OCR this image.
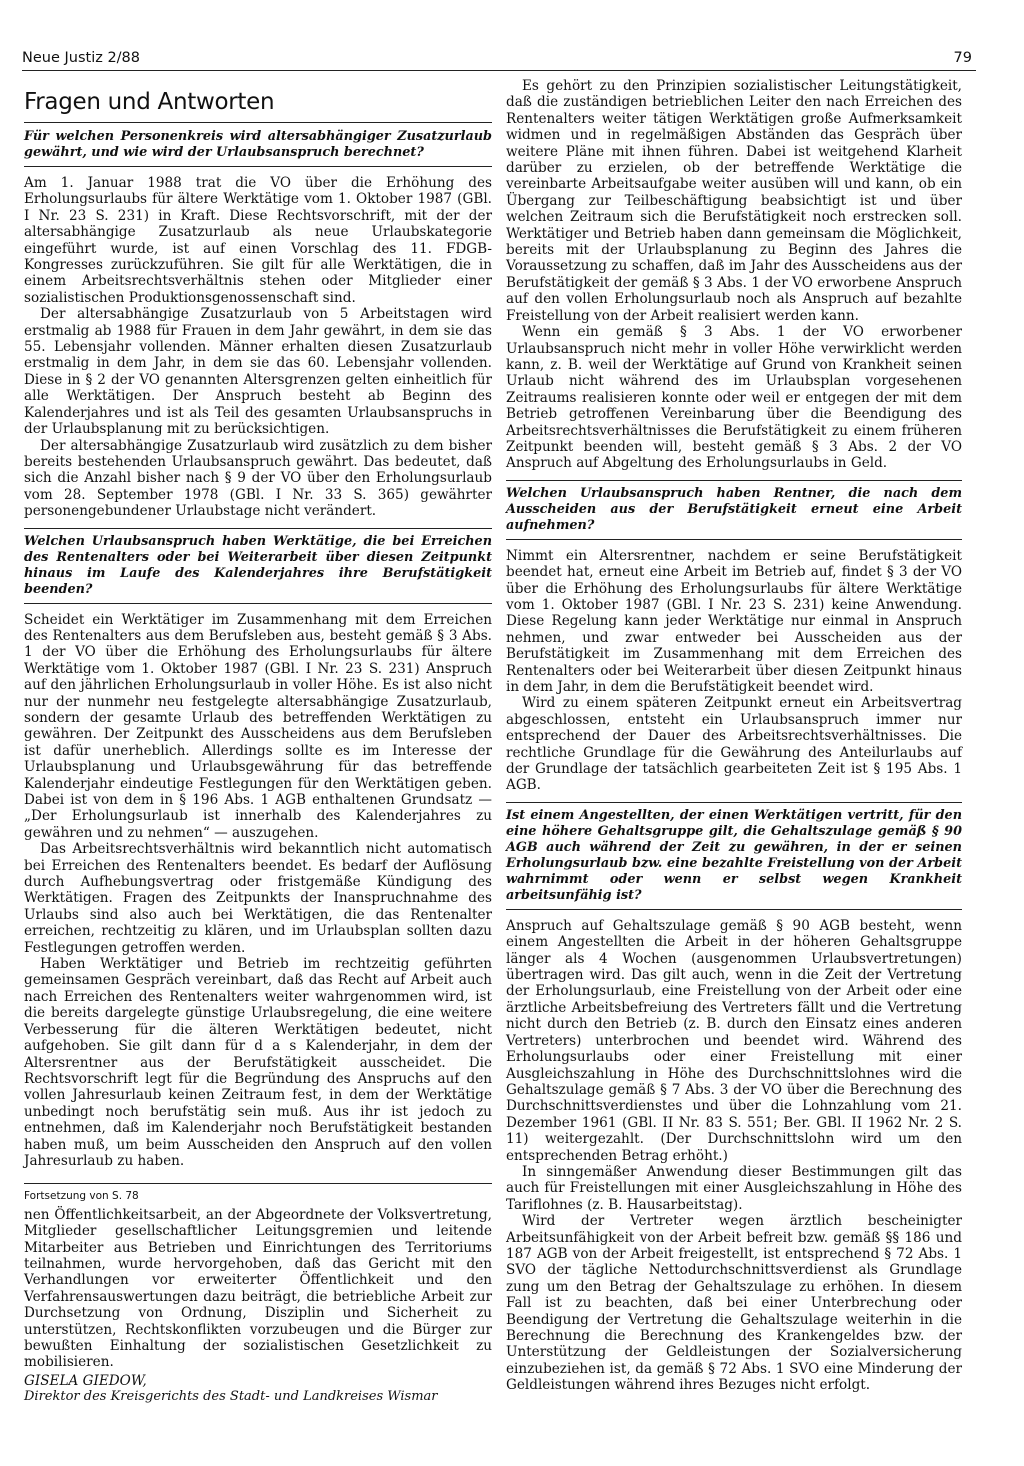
Neue Justiz 2/88	79
Fragen und Antworten
Für welchen Personenkreis wird altersabhängiger Zusatzurlaub gewährt, und wie wird der Urlaubsanspruch berechnet?

Am 1. Januar 1988 trat die VO über die Erhöhung des Erholungsurlaubs für ältere Werktätige vom 1. Oktober 1987 (GBl. I Nr. 23 S. 231) in Kraft. Diese Rechtsvorschrift, mit der der altersabhängige Zusatzurlaub als neue Urlaubskategorie eingeführt wurde, ist auf einen Vorschlag des 11. FDGB-Kongresses zurückzuführen. Sie gilt für alle Werktätigen, die in einem Arbeitsrechtsverhältnis stehen oder Mitglieder einer sozialistischen Produktionsgenossenschaft sind.

Der altersabhängige Zusatzurlaub von 5 Arbeitstagen wird erstmalig ab 1988 für Frauen in dem Jahr gewährt, in dem sie das 55. Lebensjahr vollenden. Männer erhalten diesen Zusatzurlaub erstmalig in dem Jahr, in dem sie das 60. Lebensjahr vollenden. Diese in § 2 der VO genannten Altersgrenzen gelten einheitlich für alle Werktätigen. Der Anspruch besteht ab Beginn des Kalenderjahres und ist als Teil des gesamten Urlaubsanspruchs in der Urlaubsplanung mit zu berücksichtigen.

Der altersabhängige Zusatzurlaub wird zusätzlich zu dem bisher bereits bestehenden Urlaubsanspruch gewährt. Das bedeutet, daß sich die Anzahl bisher nach § 9 der VO über den Erholungsurlaub vom 28. September 1978 (GBl. I Nr. 33 S. 365) gewährter personengebundener Urlaubstage nicht verändert.

Welchen Urlaubsanspruch haben Werktätige, die bei Erreichen des Rentenalters oder bei Weiterarbeit über diesen Zeitpunkt hinaus im Laufe des Kalenderjahres ihre Berufstätigkeit beenden?

Scheidet ein Werktätiger im Zusammenhang mit dem Erreichen des Rentenalters aus dem Berufsleben aus, besteht gemäß § 3 Abs. 1 der VO über die Erhöhung des Erholungsurlaubs für ältere Werktätige vom 1. Oktober 1987 (GBl. I Nr. 23 S. 231) Anspruch auf den jährlichen Erholungsurlaub in voller Höhe. Es ist also nicht nur der nunmehr neu festgelegte altersabhängige Zusatzurlaub, sondern der gesamte Urlaub des betreffenden Werktätigen zu gewähren. Der Zeitpunkt des Ausscheidens aus dem Berufsleben ist dafür unerheblich. Allerdings sollte es im Interesse der Urlaubsplanung und Urlaubsgewährung für das betreffende Kalenderjahr eindeutige Festlegungen für den Werktätigen geben. Dabei ist von dem in § 196 Abs. 1 AGB enthaltenen Grundsatz — „Der Erholungsurlaub ist innerhalb des Kalenderjahres zu gewähren und zu nehmen“ — auszugehen.

Das Arbeitsrechtsverhältnis wird bekanntlich nicht automatisch bei Erreichen des Rentenalters beendet. Es bedarf der Auflösung durch Aufhebungsvertrag oder fristgemäße Kündigung des Werktätigen. Fragen des Zeitpunkts der Inanspruchnahme des Urlaubs sind also auch bei Werktätigen, die das Rentenalter erreichen, rechtzeitig zu klären, und im Urlaubsplan sollten dazu Festlegungen getroffen werden.

Haben Werktätiger und Betrieb im rechtzeitig geführten gemeinsamen Gespräch vereinbart, daß das Recht auf Arbeit auch nach Erreichen des Rentenalters weiter wahrgenommen wird, ist die bereits dargelegte günstige Urlaubsregelung, die eine weitere Verbesserung für die älteren Werktätigen bedeutet, nicht aufgehoben. Sie gilt dann für d a s Kalenderjahr, in dem der Altersrentner aus der Berufstätigkeit ausscheidet. Die Rechtsvorschrift legt für die Begründung des Anspruchs auf den vollen Jahresurlaub keinen Zeitraum fest, in dem der Werktätige unbedingt noch berufstätig sein muß. Aus ihr ist jedoch zu entnehmen, daß im Kalenderjahr noch Berufstätigkeit bestanden haben muß, um beim Ausscheiden den Anspruch auf den vollen Jahresurlaub zu haben.

Fortsetzung von S. 78

nen Öffentlichkeitsarbeit, an der Abgeordnete der Volksvertretung, Mitglieder gesellschaftlicher Leitungsgremien und leitende Mitarbeiter aus Betrieben und Einrichtungen des Territoriums teilnahmen, wurde hervorgehoben, daß das Gericht mit den Verhandlungen vor erweiterter Öffentlichkeit und den Verfahrensauswertungen dazu beiträgt, die betriebliche Arbeit zur Durchsetzung von Ordnung, Disziplin und Sicherheit zu unterstützen, Rechtskonflikten vorzubeugen und die Bürger zur bewußten Einhaltung der sozialistischen Gesetzlichkeit zu mobilisieren.

GISELA GIEDOW,

Direktor des Kreisgerichts des Stadt- und Landkreises Wismar

Es gehört zu den Prinzipien sozialistischer Leitungstätigkeit, daß die zuständigen betrieblichen Leiter den nach Erreichen des Rentenalters weiter tätigen Werktätigen große Aufmerksamkeit widmen und in regelmäßigen Abständen das Gespräch über weitere Pläne mit ihnen führen. Dabei ist weitgehend Klarheit darüber zu erzielen, ob der betreffende Werktätige die vereinbarte Arbeitsaufgabe weiter ausüben will und kann, ob ein Übergang zur Teilbeschäftigung beabsichtigt ist und über welchen Zeitraum sich die Berufstätigkeit noch erstrecken soll. Werktätiger und Betrieb haben dann gemeinsam die Möglichkeit, bereits mit der Urlaubsplanung zu Beginn des Jahres die Voraussetzung zu schaffen, daß im Jahr des Ausscheidens aus der Berufstätigkeit der gemäß § 3 Abs. 1 der VO erworbene Anspruch auf den vollen Erholungsurlaub noch als Anspruch auf bezahlte Freistellung von der Arbeit realisiert werden kann.

Wenn ein gemäß § 3 Abs. 1 der VO erworbener Urlaubsanspruch nicht mehr in voller Höhe verwirklicht werden kann, z. B. weil der Werktätige auf Grund von Krankheit seinen Urlaub nicht während des im Urlaubsplan vorgesehenen Zeitraums realisieren konnte oder weil er entgegen der mit dem Betrieb getroffenen Vereinbarung über die Beendigung des Arbeitsrechtsverhältnisses die Berufstätigkeit zu einem früheren Zeitpunkt beenden will, besteht gemäß § 3 Abs. 2 der VO Anspruch auf Abgeltung des Erholungsurlaubs in Geld.

Welchen Urlaubsanspruch haben Rentner, die nach dem Ausscheiden aus der Berufstätigkeit erneut eine Arbeit aufnehmen?

Nimmt ein Altersrentner, nachdem er seine Berufstätigkeit beendet hat, erneut eine Arbeit im Betrieb auf, findet § 3 der VO über die Erhöhung des Erholungsurlaubs für ältere Werktätige vom 1. Oktober 1987 (GBl. I Nr. 23 S. 231) keine Anwendung. Diese Regelung kann jeder Werktätige nur einmal in Anspruch nehmen, und zwar entweder bei Ausscheiden aus der Berufstätigkeit im Zusammenhang mit dem Erreichen des Rentenalters oder bei Weiterarbeit über diesen Zeitpunkt hinaus in dem Jahr, in dem die Berufstätigkeit beendet wird.

Wird zu einem späteren Zeitpunkt erneut ein Arbeitsvertrag abgeschlossen, entsteht ein Urlaubsanspruch immer nur entsprechend der Dauer des Arbeitsrechtsverhältnisses. Die rechtliche Grundlage für die Gewährung des Anteilurlaubs auf der Grundlage der tatsächlich gearbeiteten Zeit ist § 195 Abs. 1 AGB.

Ist einem Angestellten, der einen Werktätigen vertritt, für den eine höhere Gehaltsgruppe gilt, die Gehaltszulage gemäß § 90 AGB auch während der Zeit zu gewähren, in der er seinen Erholungsurlaub bzw. eine bezahlte Freistellung von der Arbeit wahrnimmt oder wenn er selbst wegen Krankheit arbeitsunfähig ist?

Anspruch auf Gehaltszulage gemäß § 90 AGB besteht, wenn einem Angestellten die Arbeit in der höheren Gehaltsgruppe länger als 4 Wochen (ausgenommen Urlaubsvertretungen) übertragen wird. Das gilt auch, wenn in die Zeit der Vertretung der Erholungsurlaub, eine Freistellung von der Arbeit oder eine ärztliche Arbeitsbefreiung des Vertreters fällt und die Vertretung nicht durch den Betrieb (z. B. durch den Einsatz eines anderen Vertreters) unterbrochen und beendet wird. Während des Erholungsurlaubs oder einer Freistellung mit einer Ausgleichszahlung in Höhe des Durchschnittslohnes wird die Gehaltszulage gemäß § 7 Abs. 3 der VO über die Berechnung des Durchschnittsverdienstes und über die Lohnzahlung vom 21. Dezember 1961 (GBl. II Nr. 83 S. 551; Ber. GBl. II 1962 Nr. 2 S. 11) weitergezahlt. (Der Durchschnittslohn wird um den entsprechenden Betrag erhöht.)

In sinngemäßer Anwendung dieser Bestimmungen gilt das auch für Freistellungen mit einer Ausgleichszahlung in Höhe des Tariflohnes (z. B. Hausarbeitstag).

Wird der Vertreter wegen ärztlich bescheinigter Arbeitsunfähigkeit von der Arbeit befreit bzw. gemäß §§ 186 und 187 AGB von der Arbeit freigestellt, ist entsprechend § 72 Abs. 1 SVO der tägliche Nettodurchschnittsverdienst als Grundlage zung um den Betrag der Gehaltszulage zu erhöhen. In diesem Fall ist zu beachten, daß bei einer Unterbrechung oder Beendigung der Vertretung die Gehaltszulage weiterhin in die Berechnung die Berechnung des Krankengeldes bzw. der Unterstützung der Geldleistungen der Sozialversicherung einzubeziehen ist, da gemäß § 72 Abs. 1 SVO eine Minderung der Geldleistungen während ihres Bezuges nicht erfolgt.
